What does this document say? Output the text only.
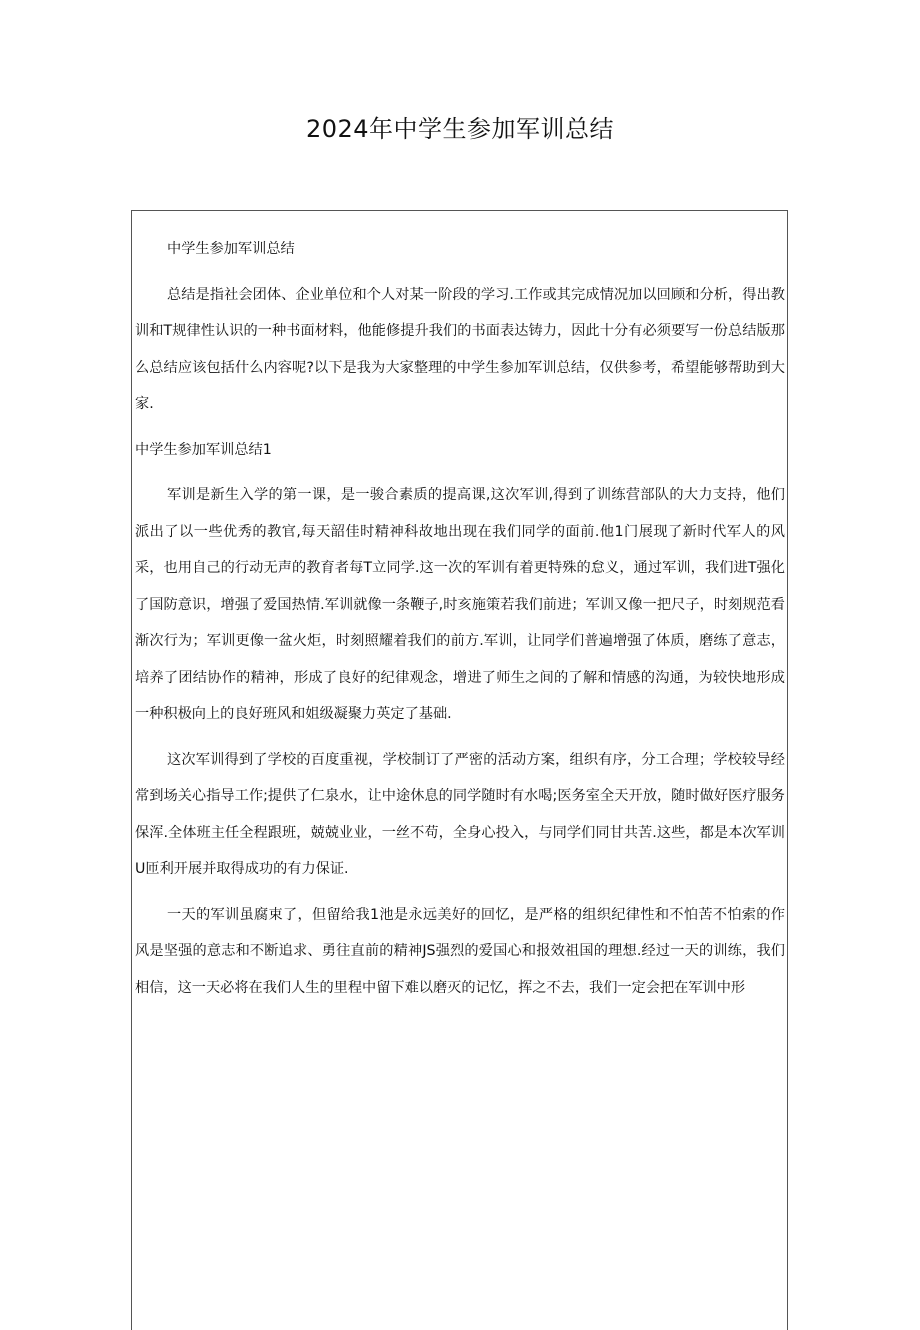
2024年中学生参加军训总结

中学生参加军训总结

总结是指社会团体、企业单位和个人对某一阶段的学习.工作或其完成情况加以回顾和分析，得出教训和T规律性认识的一种书面材料，他能修提升我们的书面表达铸力，因此十分有必须要写一份总结版那么总结应该包括什么内容呢?以下是我为大家整理的中学生参加军训总结，仅供参考，希望能够帮助到大家.

中学生参加军训总结1

军训是新生入学的第一课，是一骏合素质的提高课,这次军训,得到了训练营部队的大力支持，他们派出了以一些优秀的教官,每天韶佳时精神科故地出现在我们同学的面前.他1门展现了新时代军人的风采，也用自己的行动无声的教育者每T立同学.这一次的军训有着更特殊的怠义，通过军训，我们进T强化了国防意识，增强了爱国热情.军训就像一条鞭子,时亥施策若我们前进；军训又像一把尺子，时刻规范看渐次行为；军训更像一盆火炬，时刻照耀着我们的前方.军训，让同学们普遍增强了体质，磨练了意志，培养了团结协作的精神，形成了良好的纪律观念，增进了师生之间的了解和情感的沟通，为较快地形成一种积极向上的良好班风和姐级凝聚力英定了基础.

这次军训得到了学校的百度重视，学校制订了严密的活动方案，组织有序，分工合理；学校较导经常到场关心指导工作;提供了仁泉水，让中途休息的同学随时有水喝;医务室全天开放，随时做好医疗服务保浑.全体班主任全程跟班，兢兢业业，一丝不苟，全身心投入，与同学们同甘共苦.这些，都是本次军训U匝利开展并取得成功的有力保证.

一天的军训虽腐束了，但留给我1池是永远美好的回忆，是严格的组织纪律性和不怕苦不怕索的作风是坚强的意志和不断追求、勇往直前的精神JS强烈的爱国心和报效祖国的理想.经过一天的训练，我们相信，这一天必将在我们人生的里程中留下难以磨灭的记忆，挥之不去，我们一定会把在军训中形
